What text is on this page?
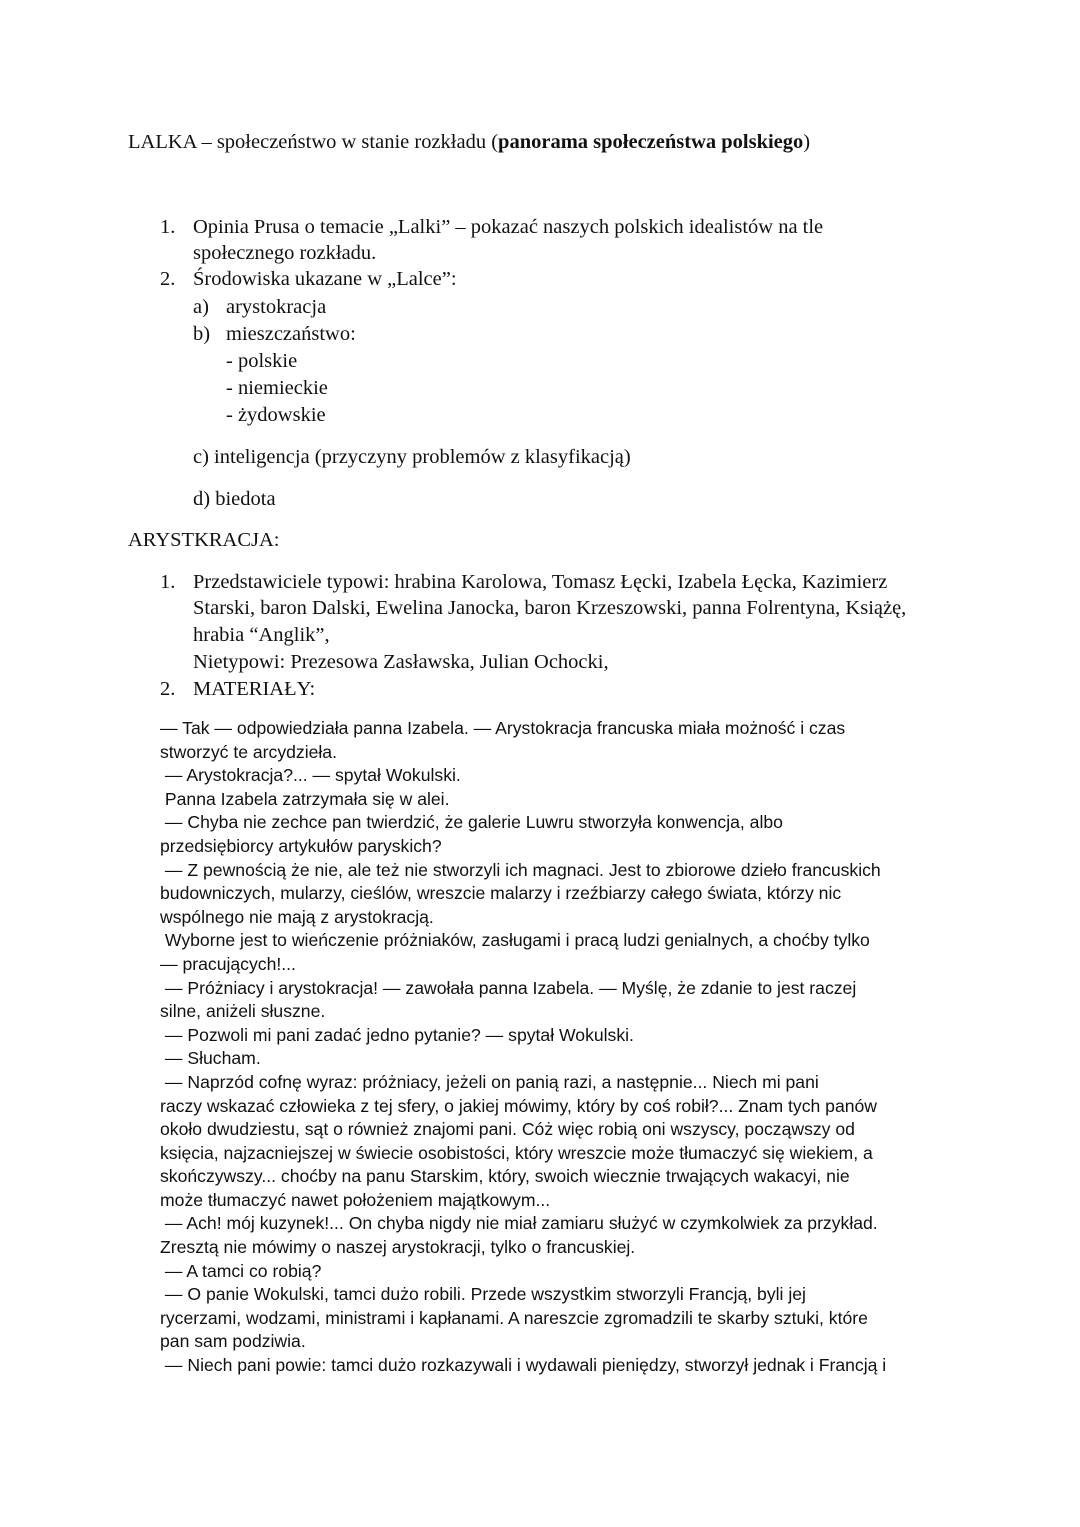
LALKA – społeczeństwo w stanie rozkładu (panorama społeczeństwa polskiego)
1. Opinia Prusa o temacie „Lalki” – pokazać naszych polskich idealistów na tle
społecznego rozkładu.
2. Środowiska ukazane w „Lalce”:
a) arystokracja
b) mieszczaństwo:
- polskie
- niemieckie
- żydowskie
c) inteligencja (przyczyny problemów z klasyfikacją)
d) biedota
ARYSTKRACJA:
1. Przedstawiciele typowi: hrabina Karolowa, Tomasz Łęcki, Izabela Łęcka, Kazimierz
Starski, baron Dalski, Ewelina Janocka, baron Krzeszowski, panna Folrentyna, Książę,
hrabia “Anglik”,
Nietypowi: Prezesowa Zasławska, Julian Ochocki,
2. MATERIAŁY:
— Tak — odpowiedziała panna Izabela. — Arystokracja francuska miała możność i czas
stworzyć te arcydzieła.
— Arystokracja?... — spytał Wokulski.
Panna Izabela zatrzymała się w alei.
— Chyba nie zechce pan twierdzić, że galerie Luwru stworzyła konwencja, albo
przedsiębiorcy artykułów paryskich?
— Z pewnością że nie, ale też nie stworzyli ich magnaci. Jest to zbiorowe dzieło francuskich
budowniczych, mularzy, cieślów, wreszcie malarzy i rzeźbiarzy całego świata, którzy nic
wspólnego nie mają z arystokracją.
Wyborne jest to wieńczenie próżniaków, zasługami i pracą ludzi genialnych, a choćby tylko
— pracujących!...
— Próżniacy i arystokracja! — zawołała panna Izabela. — Myślę, że zdanie to jest raczej
silne, aniżeli słuszne.
— Pozwoli mi pani zadać jedno pytanie? — spytał Wokulski.
— Słucham.
— Naprzód cofnę wyraz: próżniacy, jeżeli on panią razi, a następnie... Niech mi pani
raczy wskazać człowieka z tej sfery, o jakiej mówimy, który by coś robił?... Znam tych panów
około dwudziestu, sąt o również znajomi pani. Cóż więc robią oni wszyscy, począwszy od
księcia, najzacniejszej w świecie osobistości, który wreszcie może tłumaczyć się wiekiem, a
skończywszy... choćby na panu Starskim, który, swoich wiecznie trwających wakacyi, nie
może tłumaczyć nawet położeniem majątkowym...
— Ach! mój kuzynek!... On chyba nigdy nie miał zamiaru służyć w czymkolwiek za przykład.
Zresztą nie mówimy o naszej arystokracji, tylko o francuskiej.
— A tamci co robią?
— O panie Wokulski, tamci dużo robili. Przede wszystkim stworzyli Francją, byli jej
rycerzami, wodzami, ministrami i kapłanami. A nareszcie zgromadzili te skarby sztuki, które
pan sam podziwia.
— Niech pani powie: tamci dużo rozkazywali i wydawali pieniędzy, stworzył jednak i Francją i
